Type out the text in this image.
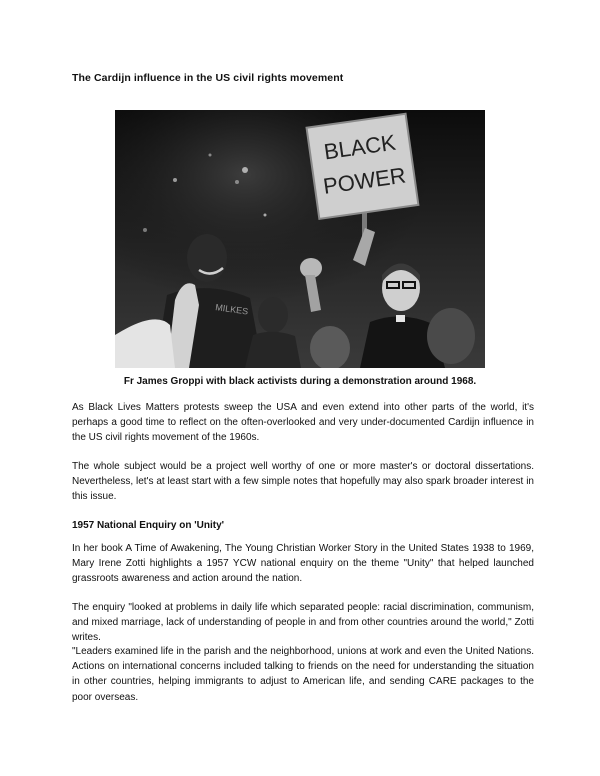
The Cardijn influence in the US civil rights movement
BLACK
POWER
MILKES
Fr James Groppi with black activists during a demonstration around 1968.

As Black Lives Matters protests sweep the USA and even extend into other parts of the world, it's perhaps a good time to reflect on the often-overlooked and very under-documented Cardijn influence in the US civil rights movement of the 1960s.

The whole subject would be a project well worthy of one or more master's or doctoral dissertations. Nevertheless, let's at least start with a few simple notes that hopefully may also spark broader interest in this issue.

1957 National Enquiry on 'Unity'

In her book A Time of Awakening, The Young Christian Worker Story in the United States 1938 to 1969, Mary Irene Zotti highlights a 1957 YCW national enquiry on the theme "Unity" that helped launched grassroots awareness and action around the nation.

The enquiry "looked at problems in daily life which separated people: racial discrimination, communism, and mixed marriage, lack of understanding of people in and from other countries around the world," Zotti writes.

"Leaders examined life in the parish and the neighborhood, unions at work and even the United Nations. Actions on international concerns included talking to friends on the need for understanding the situation in other countries, helping immigrants to adjust to American life, and sending CARE packages to the poor overseas.
